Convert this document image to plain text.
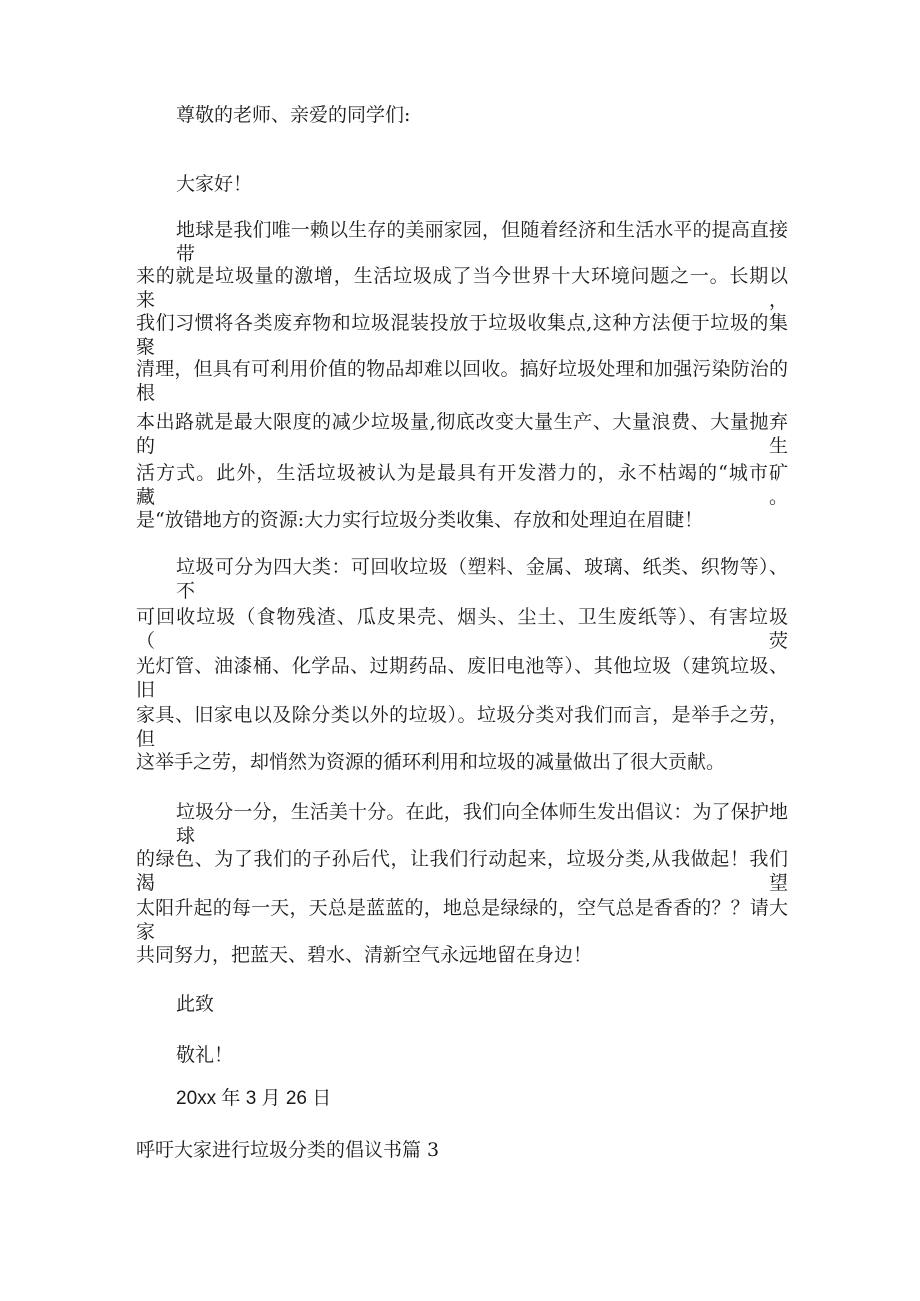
尊敬的老师、亲爱的同学们:
大家好！
地球是我们唯一赖以生存的美丽家园，但随着经济和生活水平的提高直接带
来的就是垃圾量的激增，生活垃圾成了当今世界十大环境问题之一。长期以来，
我们习惯将各类废弃物和垃圾混装投放于垃圾收集点,这种方法便于垃圾的集聚
清理，但具有可利用价值的物品却难以回收。搞好垃圾处理和加强污染防治的根
本出路就是最大限度的减少垃圾量,彻底改变大量生产、大量浪费、大量抛弃的生
活方式。此外，生活垃圾被认为是最具有开发潜力的，永不枯竭的“城市矿藏。
是“放错地方的资源:大力实行垃圾分类收集、存放和处理迫在眉睫！
垃圾可分为四大类：可回收垃圾（塑料、金属、玻璃、纸类、织物等）、不
可回收垃圾（食物残渣、瓜皮果壳、烟头、尘土、卫生废纸等）、有害垃圾（荧
光灯管、油漆桶、化学品、过期药品、废旧电池等）、其他垃圾（建筑垃圾、旧
家具、旧家电以及除分类以外的垃圾）。垃圾分类对我们而言，是举手之劳，但
这举手之劳，却悄然为资源的循环利用和垃圾的减量做出了很大贡献。
垃圾分一分，生活美十分。在此，我们向全体师生发出倡议：为了保护地球
的绿色、为了我们的子孙后代，让我们行动起来，垃圾分类,从我做起！我们渴望
太阳升起的每一天，天总是蓝蓝的，地总是绿绿的，空气总是香香的？？请大家
共同努力，把蓝天、碧水、清新空气永远地留在身边！
此致
敬礼！
20xx 年 3 月 26 日
呼吁大家进行垃圾分类的倡议书篇 3
